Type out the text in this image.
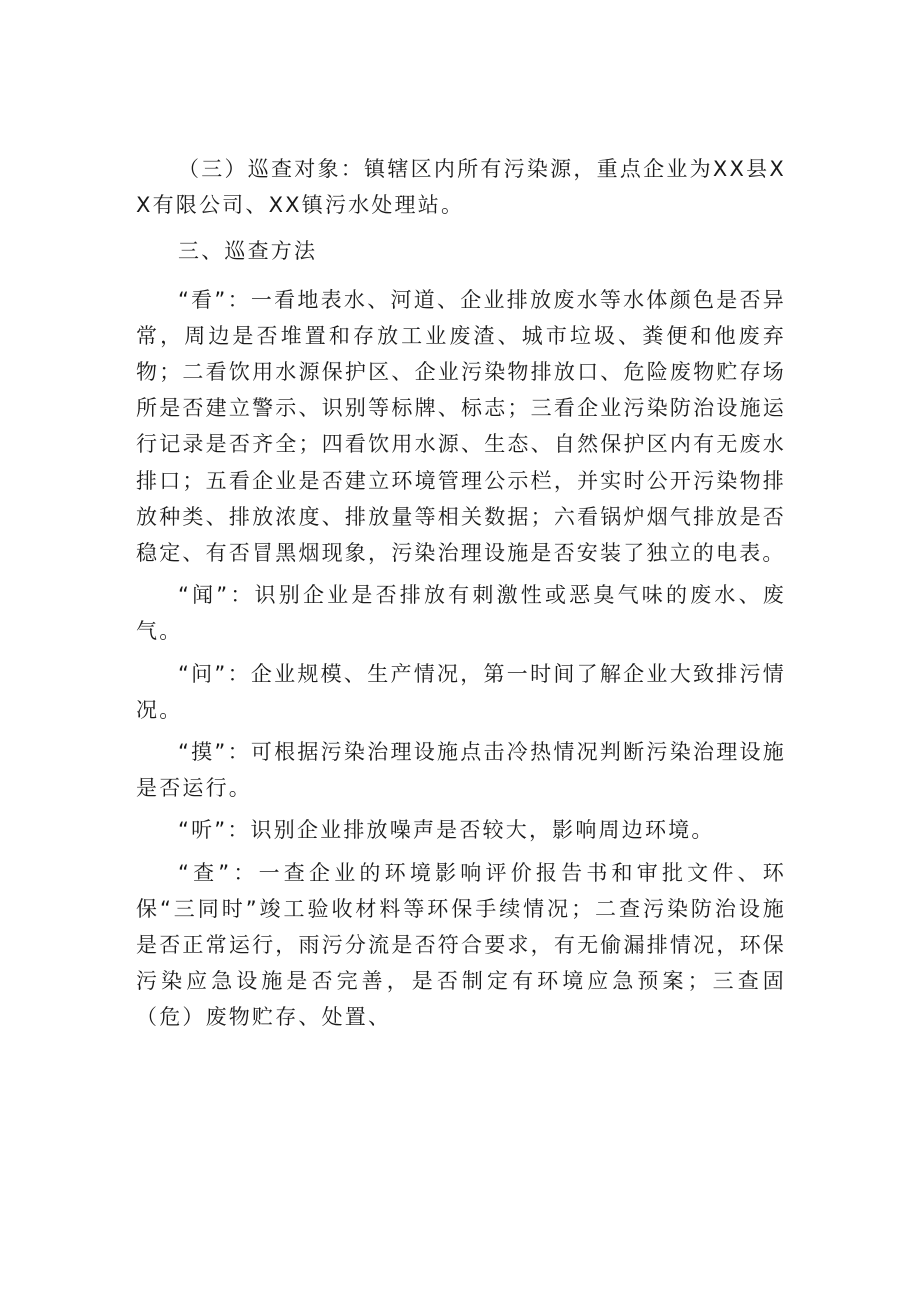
（三）巡查对象：镇辖区内所有污染源，重点企业为XX县XX有限公司、XX镇污水处理站。

三、巡查方法

“看”：一看地表水、河道、企业排放废水等水体颜色是否异常，周边是否堆置和存放工业废渣、城市垃圾、粪便和他废弃物；二看饮用水源保护区、企业污染物排放口、危险废物贮存场所是否建立警示、识别等标牌、标志；三看企业污染防治设施运行记录是否齐全；四看饮用水源、生态、自然保护区内有无废水排口；五看企业是否建立环境管理公示栏，并实时公开污染物排放种类、排放浓度、排放量等相关数据；六看锅炉烟气排放是否稳定、有否冒黑烟现象，污染治理设施是否安装了独立的电表。

“闻”：识别企业是否排放有刺激性或恶臭气味的废水、废气。

“问”：企业规模、生产情况，第一时间了解企业大致排污情况。

“摸”：可根据污染治理设施点击冷热情况判断污染治理设施是否运行。

“听”：识别企业排放噪声是否较大，影响周边环境。

“查”：一查企业的环境影响评价报告书和审批文件、环保“三同时”竣工验收材料等环保手续情况；二查污染防治设施是否正常运行，雨污分流是否符合要求，有无偷漏排情况，环保污染应急设施是否完善，是否制定有环境应急预案；三查固（危）废物贮存、处置、
